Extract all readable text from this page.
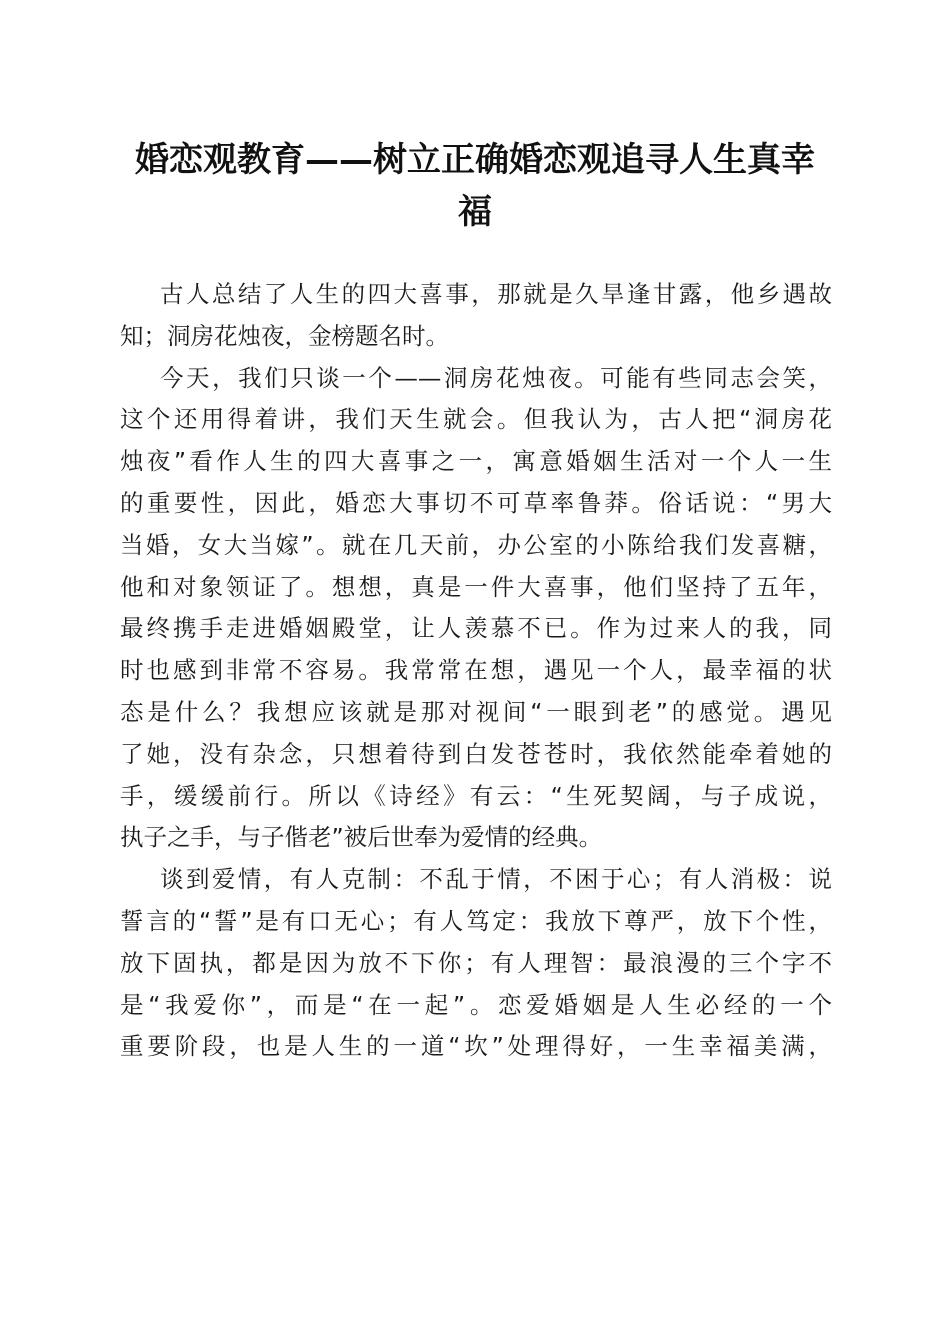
婚恋观教育——树立正确婚恋观追寻人生真幸
福
古人总结了人生的四大喜事，那就是久旱逢甘露，他乡遇故
知；洞房花烛夜，金榜题名时。
今天，我们只谈一个——洞房花烛夜。可能有些同志会笑，
这个还用得着讲，我们天生就会。但我认为，古人把“洞房花
烛夜”看作人生的四大喜事之一，寓意婚姻生活对一个人一生
的重要性，因此，婚恋大事切不可草率鲁莽。俗话说：“男大
当婚，女大当嫁”。就在几天前，办公室的小陈给我们发喜糖，
他和对象领证了。想想，真是一件大喜事，他们坚持了五年，
最终携手走进婚姻殿堂，让人羡慕不已。作为过来人的我，同
时也感到非常不容易。我常常在想，遇见一个人，最幸福的状
态是什么？我想应该就是那对视间“一眼到老”的感觉。遇见
了她，没有杂念，只想着待到白发苍苍时，我依然能牵着她的
手，缓缓前行。所以《诗经》有云：“生死契阔，与子成说，
执子之手，与子偕老”被后世奉为爱情的经典。
谈到爱情，有人克制：不乱于情，不困于心；有人消极：说
誓言的“誓”是有口无心；有人笃定：我放下尊严，放下个性，
放下固执，都是因为放不下你；有人理智：最浪漫的三个字不
是“我爱你”，而是“在一起”。恋爱婚姻是人生必经的一个
重要阶段，也是人生的一道“坎”处理得好，一生幸福美满，
